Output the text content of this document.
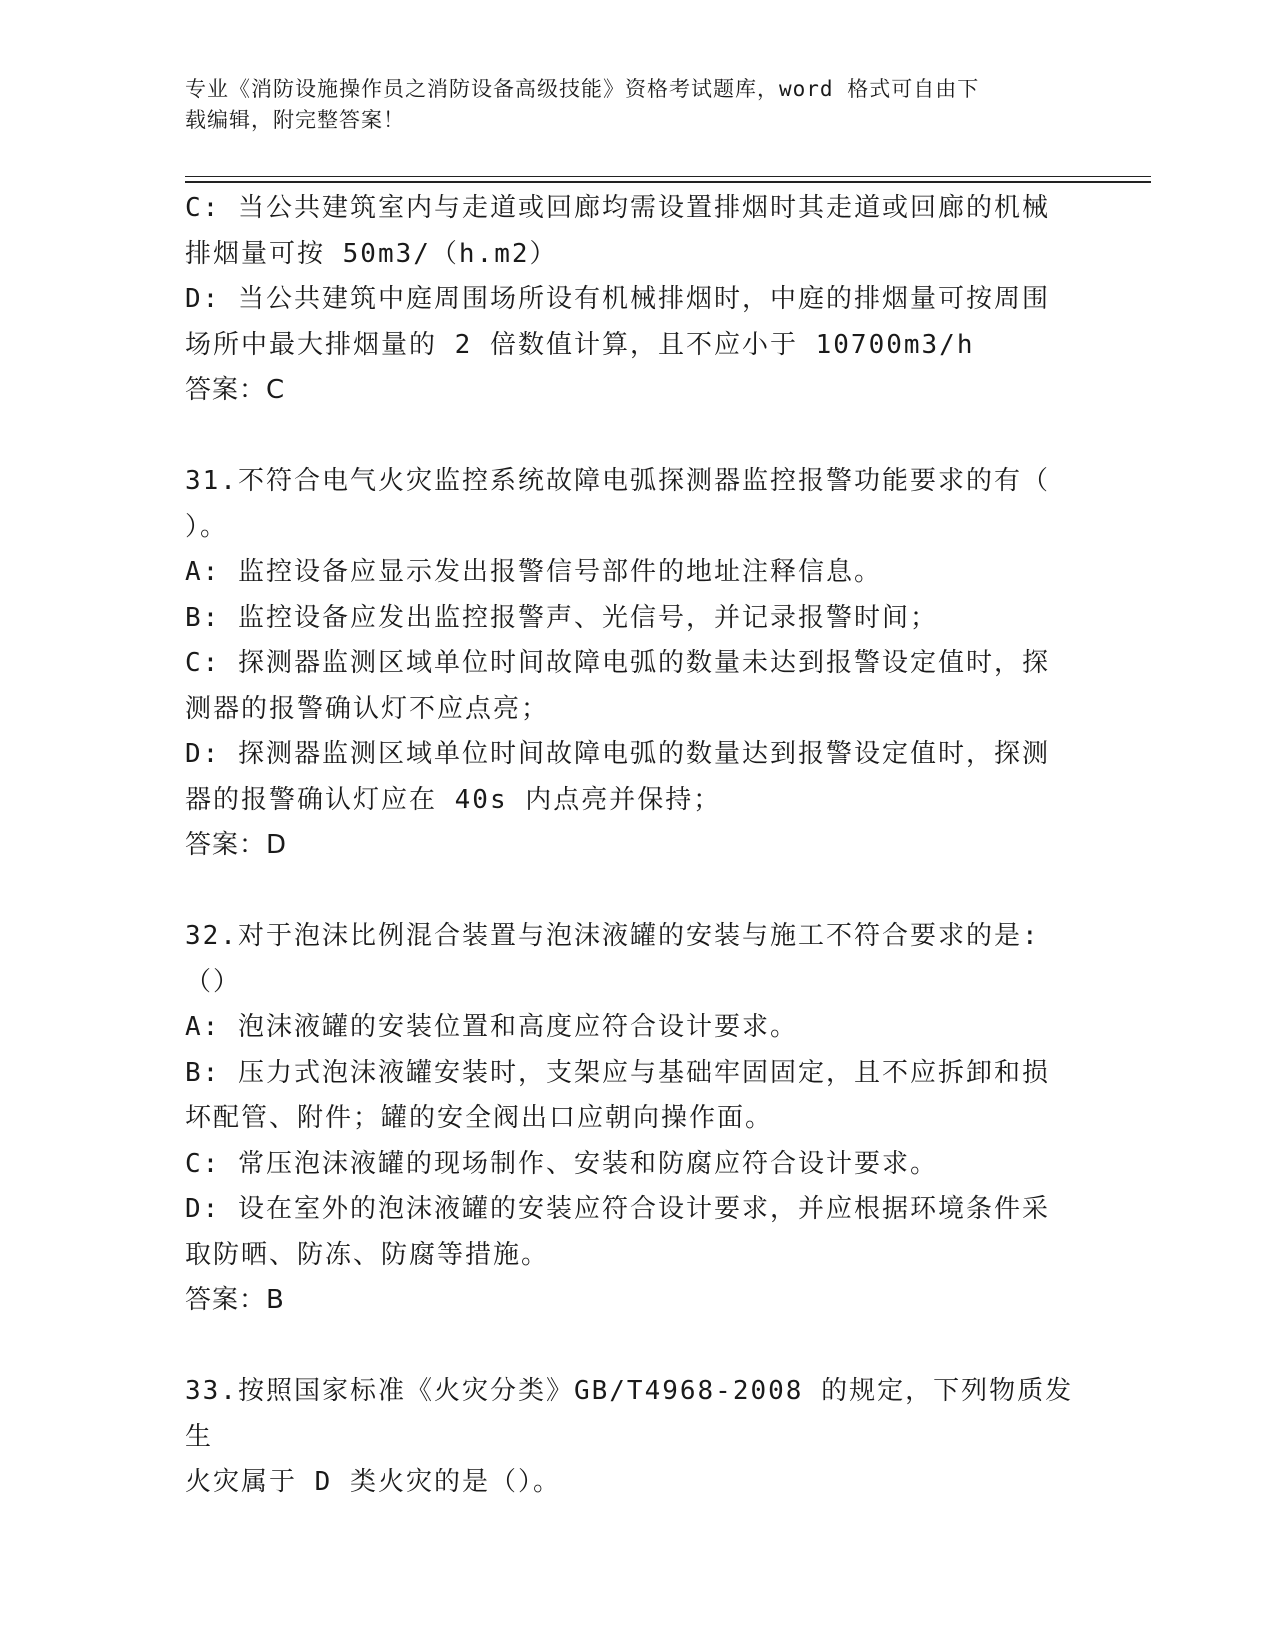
专业《消防设施操作员之消防设备高级技能》资格考试题库，word 格式可自由下
载编辑，附完整答案！

C: 当公共建筑室内与走道或回廊均需设置排烟时其走道或回廊的机械

排烟量可按 50m3/（h.m2）

D: 当公共建筑中庭周围场所设有机械排烟时，中庭的排烟量可按周围

场所中最大排烟量的 2 倍数值计算，且不应小于 10700m3/h

答案：C

31.不符合电气火灾监控系统故障电弧探测器监控报警功能要求的有（

）。

A: 监控设备应显示发出报警信号部件的地址注释信息。

B: 监控设备应发出监控报警声、光信号，并记录报警时间；

C: 探测器监测区域单位时间故障电弧的数量未达到报警设定值时，探

测器的报警确认灯不应点亮；

D: 探测器监测区域单位时间故障电弧的数量达到报警设定值时，探测

器的报警确认灯应在 40s 内点亮并保持；

答案：D

32.对于泡沫比例混合装置与泡沫液罐的安装与施工不符合要求的是:

（）

A: 泡沫液罐的安装位置和高度应符合设计要求。

B: 压力式泡沫液罐安装时，支架应与基础牢固固定，且不应拆卸和损

坏配管、附件；罐的安全阀出口应朝向操作面。

C: 常压泡沫液罐的现场制作、安装和防腐应符合设计要求。

D: 设在室外的泡沫液罐的安装应符合设计要求，并应根据环境条件采

取防晒、防冻、防腐等措施。

答案：B

33.按照国家标准《火灾分类》GB/T4968-2008 的规定，下列物质发生

火灾属于 D 类火灾的是（）。
